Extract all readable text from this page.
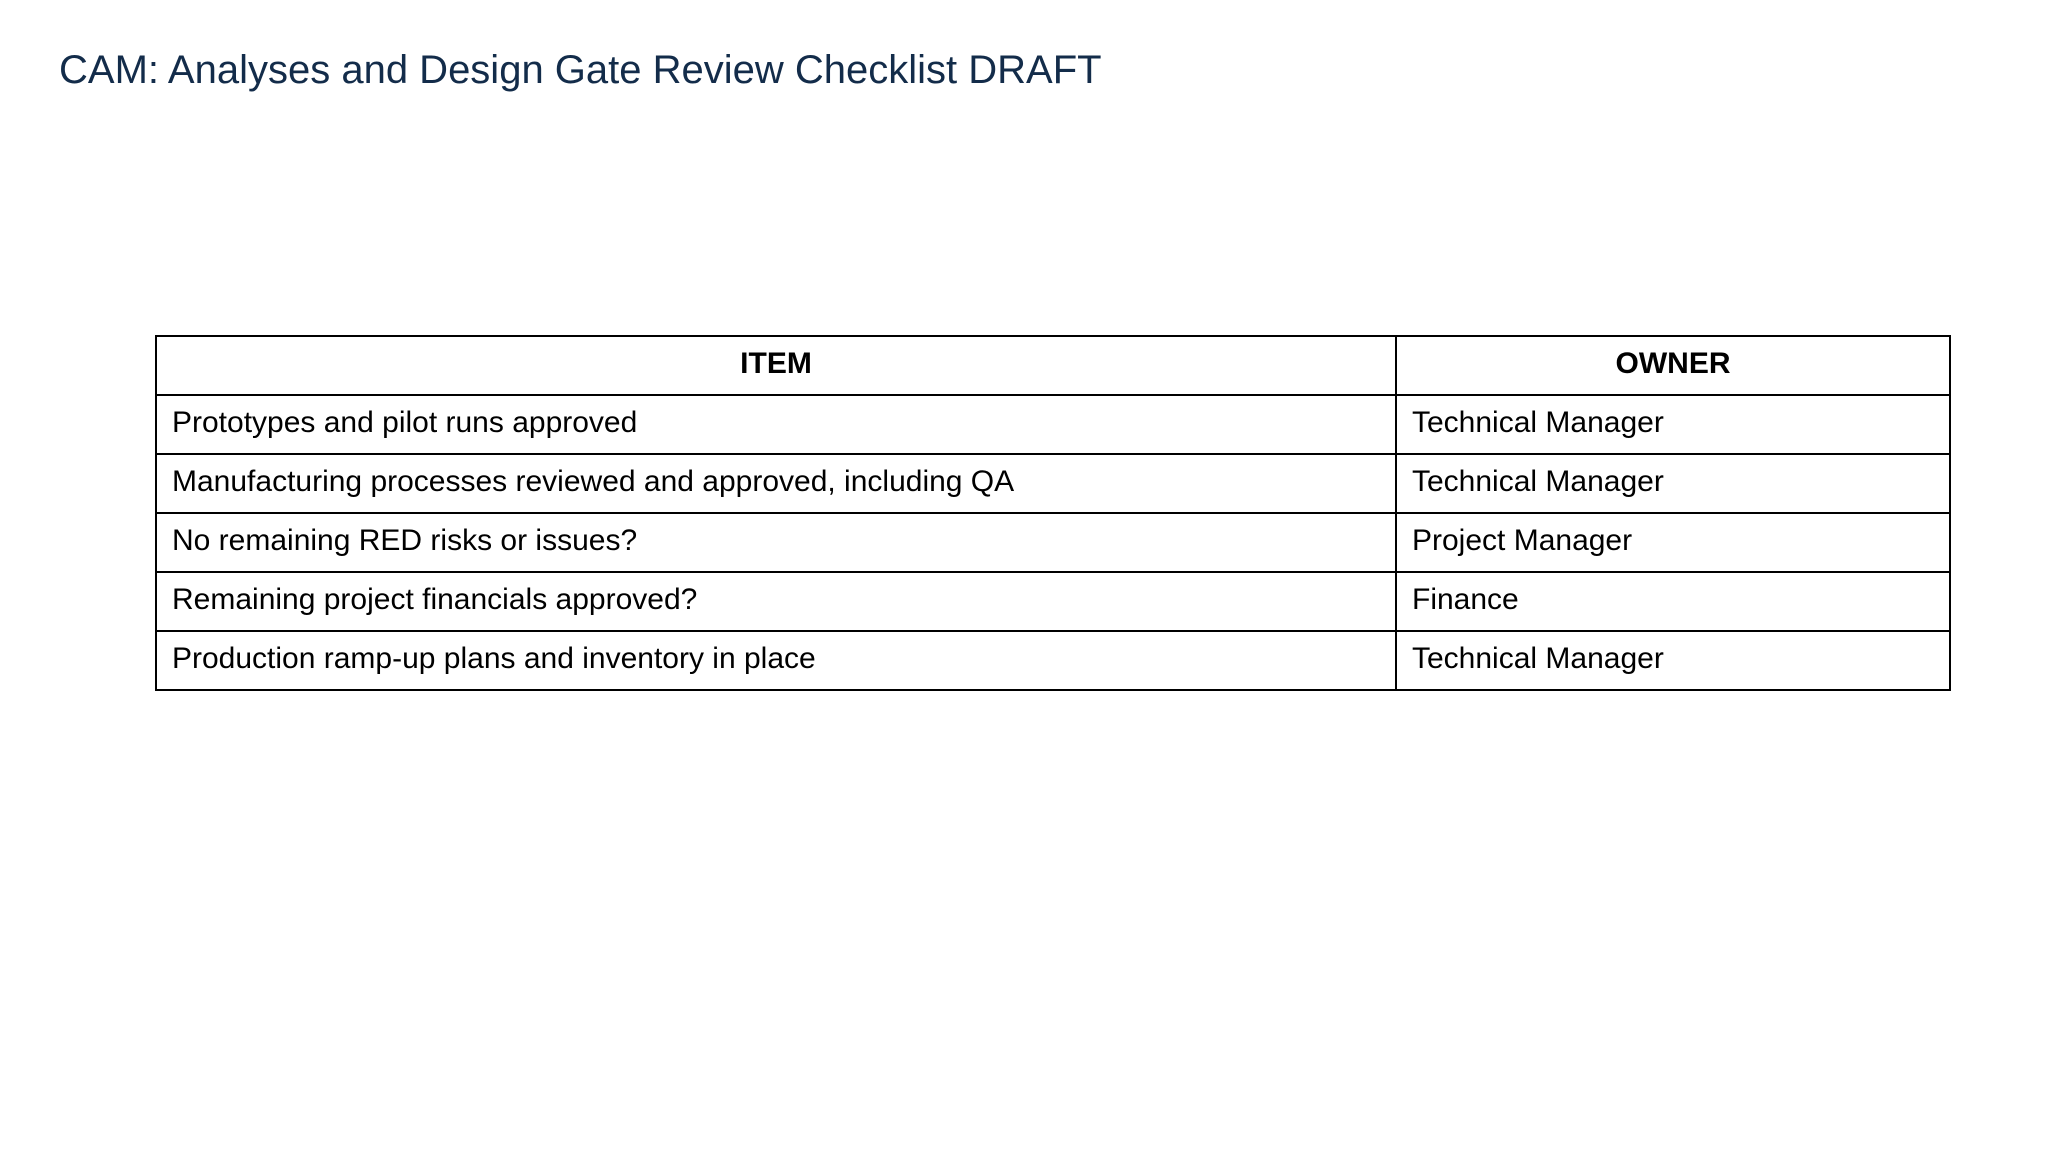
CAM: Analyses and Design Gate Review Checklist DRAFT
ITEM	OWNER
Prototypes and pilot runs approved	Technical Manager
Manufacturing processes reviewed and approved, including QA	Technical Manager
No remaining RED risks or issues?	Project Manager
Remaining project financials approved?	Finance
Production ramp-up plans and inventory in place	Technical Manager
